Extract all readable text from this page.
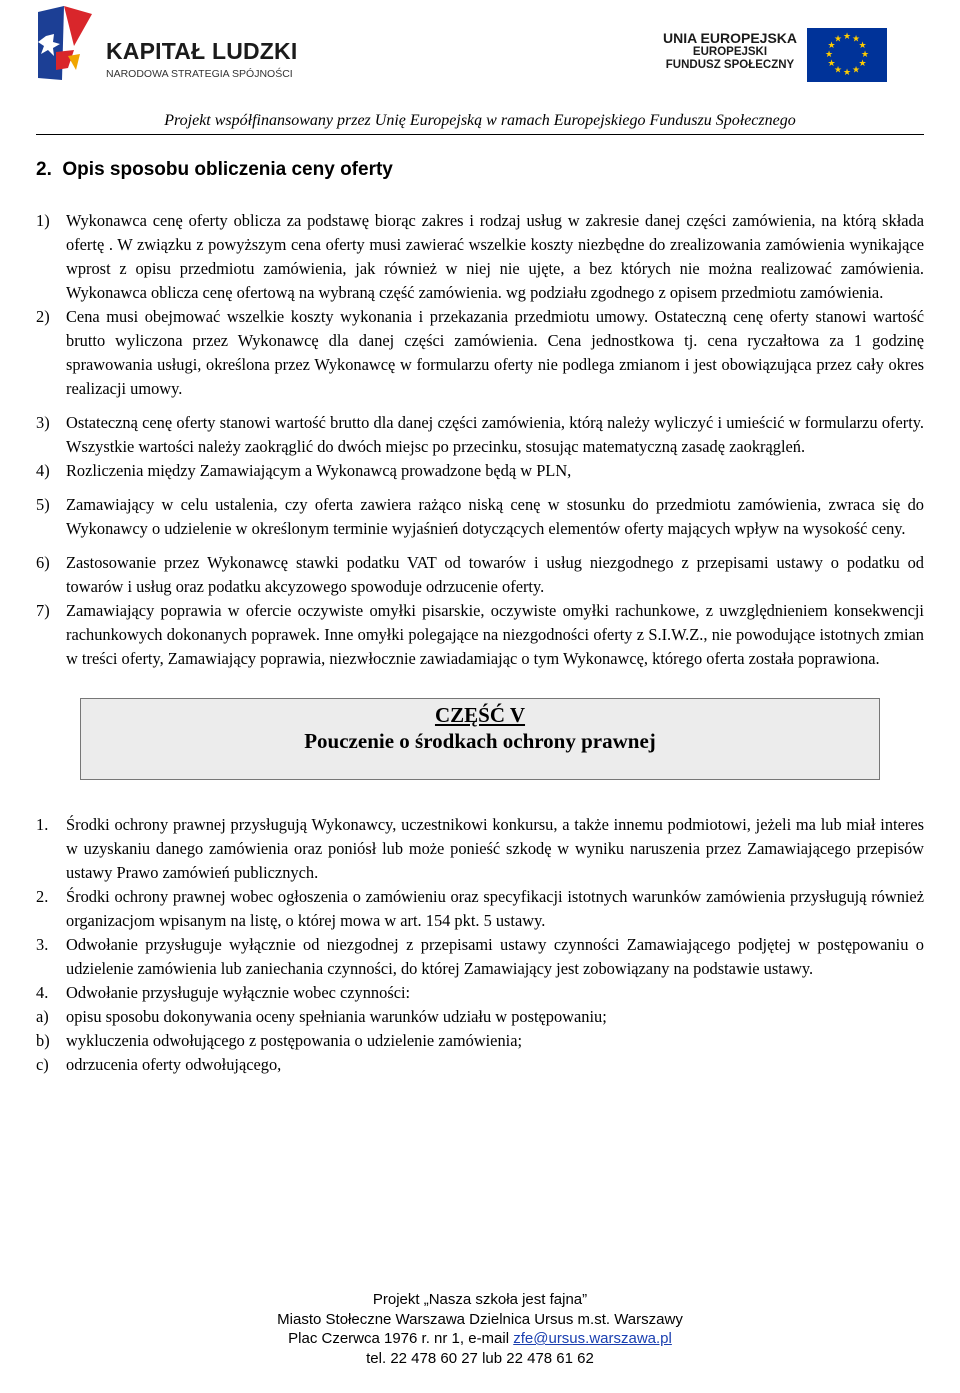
KAPITAŁ LUDZKI
NARODOWA STRATEGIA SPÓJNOŚCI
UNIA EUROPEJSKA
EUROPEJSKI
FUNDUSZ SPOŁECZNY
★ ★
★
★
★
★
★
★
★
★
★
★
Projekt współfinansowany przez Unię Europejską w ramach Europejskiego Funduszu Społecznego
2.  Opis sposobu obliczenia ceny oferty
1) Wykonawca cenę oferty oblicza za podstawę biorąc zakres i rodzaj usług w zakresie danej części zamówienia, na którą składa ofertę . W związku z powyższym cena oferty musi zawierać wszelkie koszty niezbędne do zrealizowania zamówienia wynikające wprost z opisu przedmiotu zamówienia, jak również w niej nie ujęte, a bez których nie można realizować zamówienia. Wykonawca oblicza cenę ofertową na wybraną część zamówienia. wg podziału zgodnego z opisem przedmiotu zamówienia.
2) Cena musi obejmować wszelkie koszty wykonania i przekazania przedmiotu umowy. Ostateczną cenę oferty stanowi wartość brutto wyliczona przez Wykonawcę dla danej części zamówienia. Cena jednostkowa tj. cena ryczałtowa za 1 godzinę sprawowania usługi, określona przez Wykonawcę w formularzu oferty nie podlega zmianom i jest obowiązująca przez cały okres realizacji umowy.
3) Ostateczną cenę oferty stanowi wartość brutto dla danej części zamówienia, którą należy wyliczyć i umieścić w formularzu oferty. Wszystkie wartości należy zaokrąglić do dwóch miejsc po przecinku, stosując matematyczną zasadę zaokrągleń.
4) Rozliczenia między Zamawiającym a Wykonawcą prowadzone będą w PLN,
5) Zamawiający w celu ustalenia, czy oferta zawiera rażąco niską cenę w stosunku do przedmiotu zamówienia, zwraca się do Wykonawcy o udzielenie w określonym terminie wyjaśnień dotyczących elementów oferty mających wpływ na wysokość ceny.
6) Zastosowanie przez Wykonawcę stawki podatku VAT od towarów i usług niezgodnego z przepisami ustawy o podatku od towarów i usług oraz podatku akcyzowego spowoduje odrzucenie oferty.
7) Zamawiający poprawia w ofercie oczywiste omyłki pisarskie, oczywiste omyłki rachunkowe, z uwzględnieniem konsekwencji rachunkowych dokonanych poprawek. Inne omyłki polegające na niezgodności oferty z S.I.W.Z., nie powodujące istotnych zmian w treści oferty, Zamawiający poprawia, niezwłocznie zawiadamiając o tym Wykonawcę, którego oferta została poprawiona.
CZĘŚĆ V
Pouczenie o środkach ochrony prawnej
1.	Środki ochrony prawnej przysługują Wykonawcy, uczestnikowi konkursu, a także innemu podmiotowi, jeżeli ma lub miał interes w uzyskaniu danego zamówienia oraz poniósł lub może ponieść szkodę w wyniku naruszenia przez Zamawiającego przepisów ustawy Prawo zamówień publicznych.
2.	Środki ochrony prawnej wobec ogłoszenia o zamówieniu oraz specyfikacji istotnych warunków zamówienia przysługują również organizacjom wpisanym na listę, o której mowa w art. 154 pkt. 5 ustawy.
3.	Odwołanie przysługuje wyłącznie od niezgodnej z przepisami ustawy czynności Zamawiającego podjętej w postępowaniu o udzielenie zamówienia lub zaniechania czynności, do której Zamawiający jest zobowiązany na podstawie ustawy.
4.	Odwołanie przysługuje wyłącznie wobec czynności:
a)	opisu sposobu dokonywania oceny spełniania warunków udziału w postępowaniu;
b) wykluczenia odwołującego z postępowania o udzielenie zamówienia;
c)	odrzucenia oferty odwołującego,
Projekt „Nasza szkoła jest fajna”
Miasto Stołeczne Warszawa Dzielnica Ursus m.st. Warszawy
Plac Czerwca 1976 r. nr 1, e-mail zfe@ursus.warszawa.pl
tel. 22 478 60 27 lub 22 478 61 62
